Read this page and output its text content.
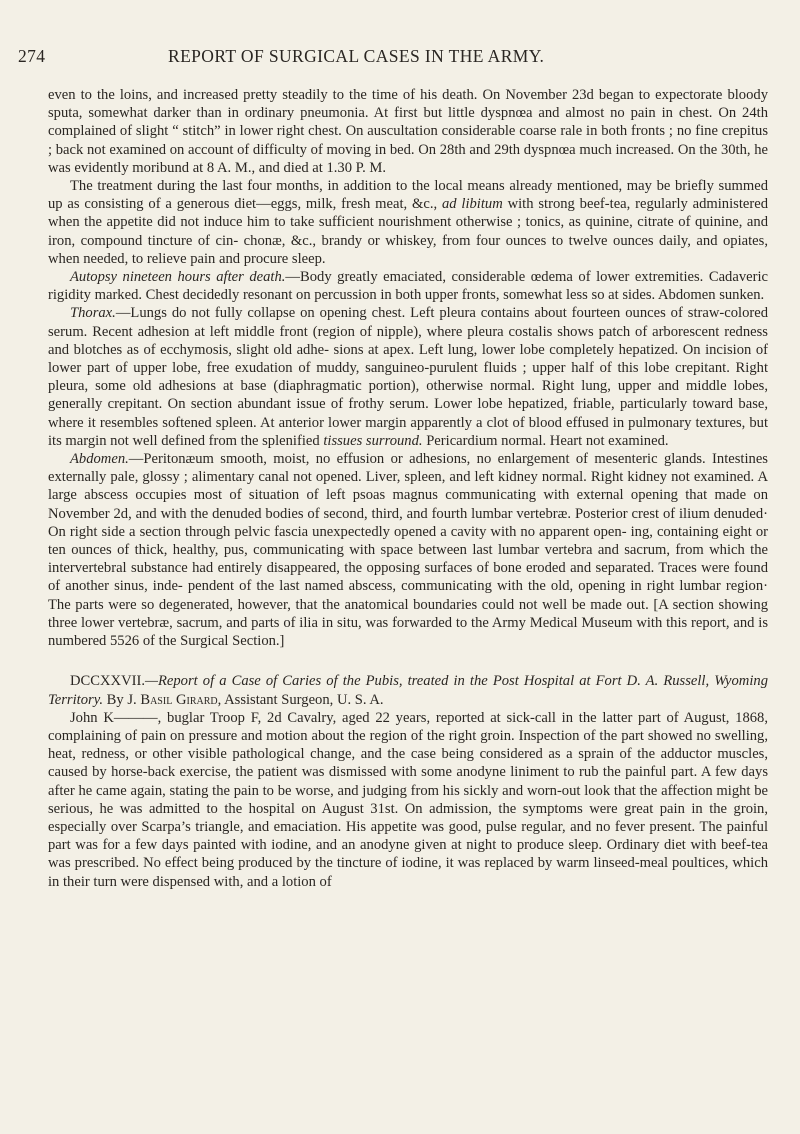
274	REPORT OF SURGICAL CASES IN THE ARMY.

even to the loins, and increased pretty steadily to the time of his death. On November 23d began to expectorate bloody sputa, somewhat darker than in ordinary pneumonia. At first but little dyspnœa and almost no pain in chest. On 24th complained of slight “ stitch” in lower right chest. On auscultation considerable coarse rale in both fronts ; no fine crepitus ; back not examined on account of difficulty of moving in bed. On 28th and 29th dyspnœa much increased. On the 30th, he was evidently moribund at 8 A. M., and died at 1.30 P. M.

The treatment during the last four months, in addition to the local means already mentioned, may be briefly summed up as consisting of a generous diet—eggs, milk, fresh meat, &c., ad libitum with strong beef-tea, regularly administered when the appetite did not induce him to take sufficient nourishment otherwise ; tonics, as quinine, citrate of quinine, and iron, compound tincture of cin- chonæ, &c., brandy or whiskey, from four ounces to twelve ounces daily, and opiates, when needed, to relieve pain and procure sleep.

Autopsy nineteen hours after death.—Body greatly emaciated, considerable œdema of lower extremities. Cadaveric rigidity marked. Chest decidedly resonant on percussion in both upper fronts, somewhat less so at sides. Abdomen sunken.

Thorax.—Lungs do not fully collapse on opening chest. Left pleura contains about fourteen ounces of straw-colored serum. Recent adhesion at left middle front (region of nipple), where pleura costalis shows patch of arborescent redness and blotches as of ecchymosis, slight old adhe- sions at apex. Left lung, lower lobe completely hepatized. On incision of lower part of upper lobe, free exudation of muddy, sanguineo-purulent fluids ; upper half of this lobe crepitant. Right pleura, some old adhesions at base (diaphragmatic portion), otherwise normal. Right lung, upper and middle lobes, generally crepitant. On section abundant issue of frothy serum. Lower lobe hepatized, friable, particularly toward base, where it resembles softened spleen. At anterior lower margin apparently a clot of blood effused in pulmonary textures, but its margin not well defined from the splenified tissues surround. Pericardium normal. Heart not examined.

Abdomen.—Peritonæum smooth, moist, no effusion or adhesions, no enlargement of mesenteric glands. Intestines externally pale, glossy ; alimentary canal not opened. Liver, spleen, and left kidney normal. Right kidney not examined. A large abscess occupies most of situation of left psoas magnus communicating with external opening that made on November 2d, and with the denuded bodies of second, third, and fourth lumbar vertebræ. Posterior crest of ilium denuded· On right side a section through pelvic fascia unexpectedly opened a cavity with no apparent open- ing, containing eight or ten ounces of thick, healthy, pus, communicating with space between last lumbar vertebra and sacrum, from which the intervertebral substance had entirely disappeared, the opposing surfaces of bone eroded and separated. Traces were found of another sinus, inde- pendent of the last named abscess, communicating with the old, opening in right lumbar region· The parts were so degenerated, however, that the anatomical boundaries could not well be made out. [A section showing three lower vertebræ, sacrum, and parts of ilia in situ, was forwarded to the Army Medical Museum with this report, and is numbered 5526 of the Surgical Section.]

DCCXXVII.—Report of a Case of Caries of the Pubis, treated in the Post Hospital at Fort D. A. Russell, Wyoming Territory. By J. Basil Girard, Assistant Surgeon, U. S. A.

John K———, buglar Troop F, 2d Cavalry, aged 22 years, reported at sick-call in the latter part of August, 1868, complaining of pain on pressure and motion about the region of the right groin. Inspection of the part showed no swelling, heat, redness, or other visible pathological change, and the case being considered as a sprain of the adductor muscles, caused by horse-back exercise, the patient was dismissed with some anodyne liniment to rub the painful part. A few days after he came again, stating the pain to be worse, and judging from his sickly and worn-out look that the affection might be serious, he was admitted to the hospital on August 31st. On admission, the symptoms were great pain in the groin, especially over Scarpa’s triangle, and emaciation. His appetite was good, pulse regular, and no fever present. The painful part was for a few days painted with iodine, and an anodyne given at night to produce sleep. Ordinary diet with beef-tea was prescribed. No effect being produced by the tincture of iodine, it was replaced by warm linseed-meal poultices, which in their turn were dispensed with, and a lotion of
